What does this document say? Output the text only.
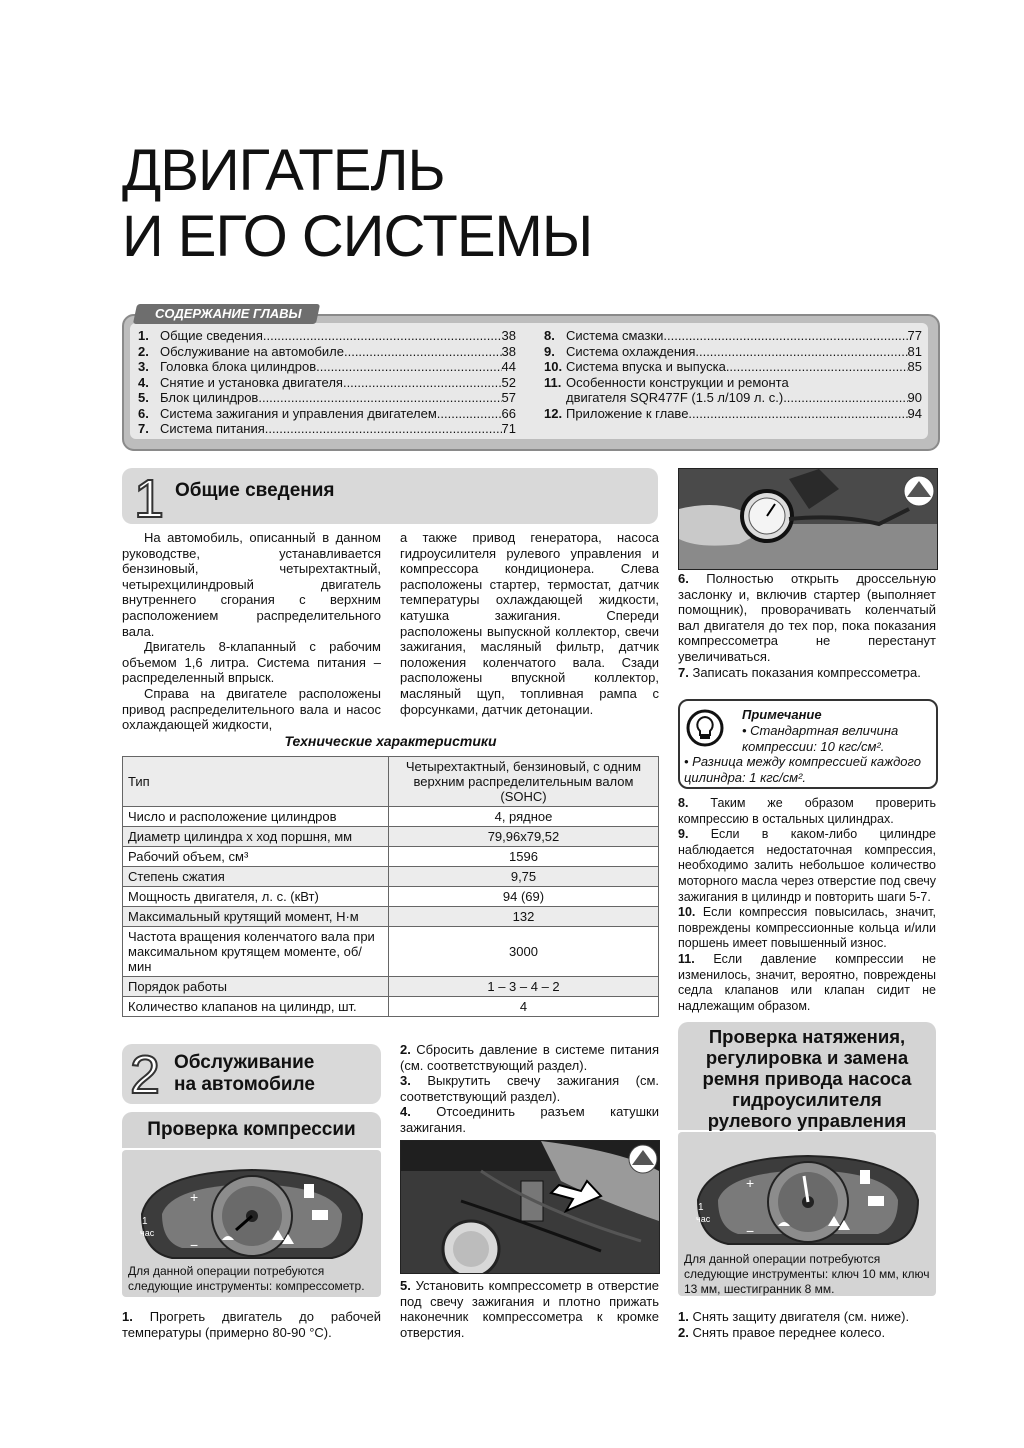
ДВИГАТЕЛЬ
И ЕГО СИСТЕМЫ
1. Общие сведения .....	38
2. Обслуживание на автомобиле .....	38
3. Головка блока цилиндров .....	44
4. Снятие и установка двигателя .....	52
5. Блок цилиндров .....	57
6. Система зажигания и управления двигателем .....	66
7. Система питания .....	71
8. Система смазки .....	77
9. Система охлаждения .....	81
10. Система впуска и выпуска .....	85
11. Особенности конструкции и ремонта
двигателя SQR477F (1.5 л/109 л. с.) .....	90
12. Приложение к главе .....	94
СОДЕРЖАНИЕ ГЛАВЫ
1 Общие сведения

На автомобиль, описанный в данном руководстве, устанавливается бензиновый, четырехтактный, четырехцилиндровый двигатель внутреннего сгорания с верхним расположением распределительного вала.

Двигатель 8-клапанный с рабочим объемом 1,6 литра. Система питания – распределенный впрыск.

Справа на двигателе расположены привод распределительного вала и насос охлаждающей жидкости,

а также привод генератора, насоса гидроусилителя рулевого управления и компрессора кондиционера. Слева расположены стартер, термостат, датчик температуры охлаждающей жидкости, катушка зажигания. Спереди расположены выпускной коллектор, свечи зажигания, масляный фильтр, датчик положения коленчатого вала. Сзади расположены впускной коллектор, масляный щуп, топливная рампа с форсунками, датчик детонации.

Технические характеристики
Тип	Четырехтактный, бензиновый, с одним верхним распределительным валом (SOHC)
Число и расположение цилиндров	4, рядное
Диаметр цилиндра х ход поршня, мм	79,96x79,52
Рабочий объем, см³	1596
Степень сжатия	9,75
Мощность двигателя, л. с. (кВт)	94 (69)
Максимальный крутящий момент, Н·м	132
Частота вращения коленчатого вала при максимальном крутящем моменте, об/мин	3000
Порядок работы	1 – 3 – 4 – 2
Количество клапанов на цилиндр, шт.	4

6. Полностью открыть дроссельную заслонку и, включив стартер (выполняет помощник), проворачивать коленчатый вал двигателя до тех пор, пока показания компрессометра не перестанут увеличиваться.

7. Записать показания компрессометра.

Примечание
• Стандартная величина компрессии: 10 кгс/см².
• Разница между компрессией каждого цилиндра: 1 кгс/см².

8. Таким же образом проверить компрессию в остальных цилиндрах.

9. Если в каком-либо цилиндре наблюдается недостаточная компрессия, необходимо залить небольшое количество моторного масла через отверстие под свечу зажигания в цилиндр и повторить шаги 5-7.

10. Если компрессия повысилась, значит, повреждены компрессионные кольца и/или поршень имеет повышенный износ.

11. Если давление компрессии не изменилось, значит, вероятно, повреждены седла клапанов или клапан сидит не надлежащим образом.

2 Обслуживание
на автомобиле
Проверка компрессии
1
час
+
−
Для данной операции потребуются следующие инструменты: компрессометр.

1. Прогреть двигатель до рабочей температуры (примерно 80-90 °С).

2. Сбросить давление в системе питания (см. соответствующий раздел).

3. Выкрутить свечу зажигания (см. соответствующий раздел).

4. Отсоединить разъем катушки зажигания.

5. Установить компрессометр в отверстие под свечу зажигания и плотно прижать наконечник компрессометра к кромке отверстия.

Проверка натяжения,
регулировка и замена
ремня привода насоса
гидроусилителя
рулевого управления
1
час
+
−
Для данной операции потребуются следующие инструменты: ключ 10 мм, ключ 13 мм, шестигранник 8 мм.

1. Снять защиту двигателя (см. ниже).

2. Снять правое переднее колесо.
